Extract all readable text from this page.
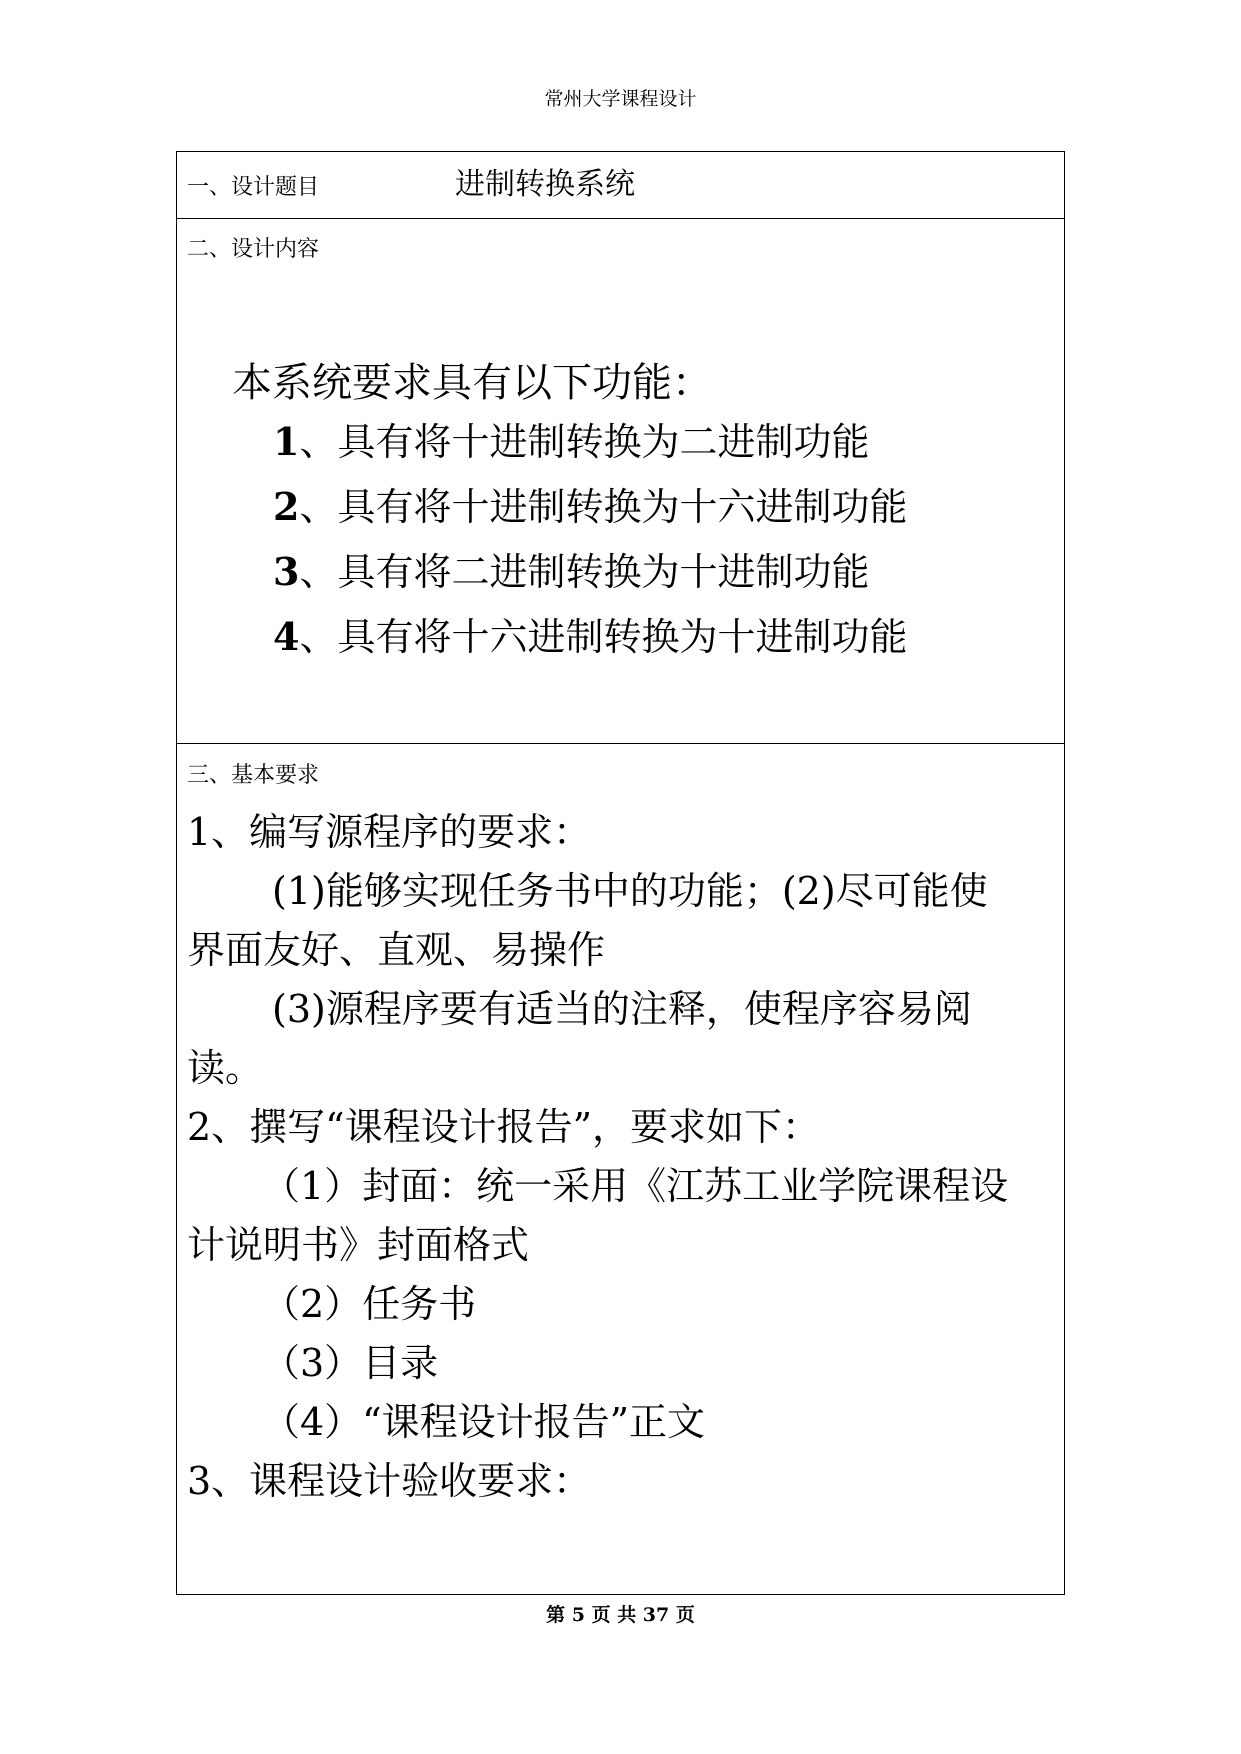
常州大学课程设计
一、设计题目	进制转换系统
二、设计内容
本系统要求具有以下功能：
1、具有将十进制转换为二进制功能
2、具有将十进制转换为十六进制功能
3、具有将二进制转换为十进制功能
4、具有将十六进制转换为十进制功能
三、基本要求
1、编写源程序的要求：
(1)能够实现任务书中的功能；(2)尽可能使
界面友好、直观、易操作
(3)源程序要有适当的注释，使程序容易阅
读。
2、撰写“课程设计报告”，要求如下：
（1）封面：统一采用《江苏工业学院课程设
计说明书》封面格式
（2）任务书
（3）目录
（4）“课程设计报告”正文
3、课程设计验收要求：
第 5 页 共 37 页
